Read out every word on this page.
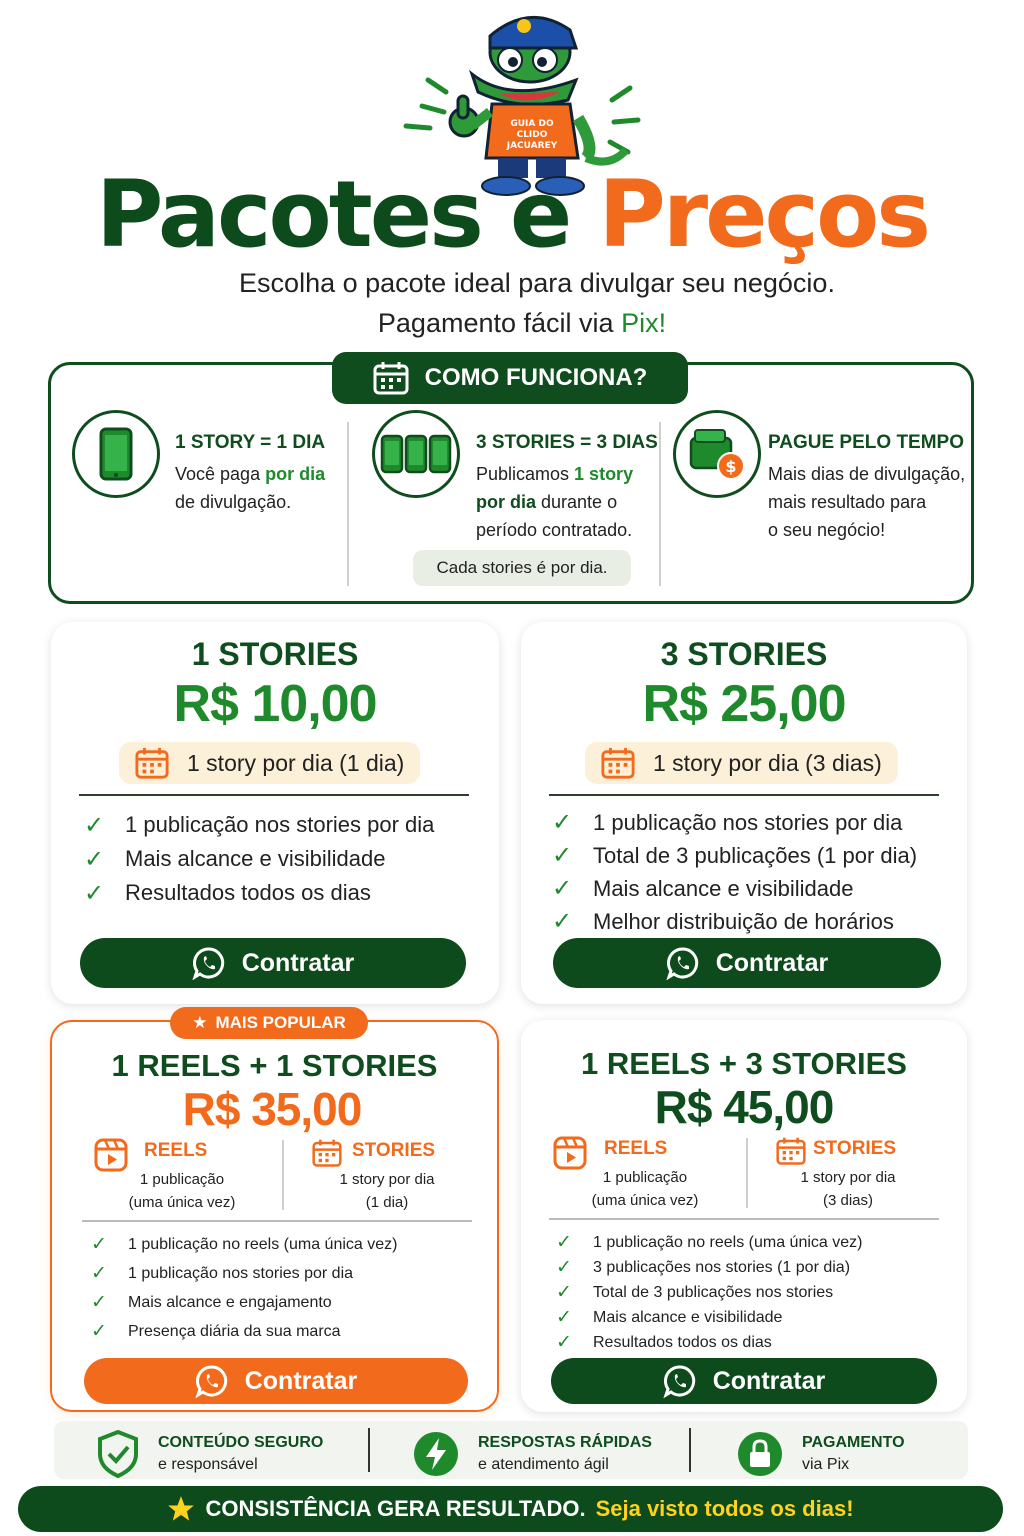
GUIA DO
CLIDO
JACUAREY
Pacotes e Preços
Escolha o pacote ideal para divulgar seu negócio.
Pagamento fácil via Pix!
COMO FUNCIONA?
1 STORY = 1 DIA
Você paga por dia
de divulgação.
3 STORIES = 3 DIAS
Publicamos 1 story
por dia durante o
período contratado.
Cada stories é por dia.
$
PAGUE PELO TEMPO
Mais dias de divulgação,
mais resultado para
o seu negócio!
1 STORIES
R$ 10,00
1 story por dia (1 dia)
✓ 1 publicação nos stories por dia
✓ Mais alcance e visibilidade
✓ Resultados todos os dias
Contratar
3 STORIES
R$ 25,00
1 story por dia (3 dias)
✓ 1 publicação nos stories por dia
✓ Total de 3 publicações (1 por dia)
✓ Mais alcance e visibilidade
✓ Melhor distribuição de horários
Contratar
1 REELS + 1 STORIES
R$ 35,00
REELS
1 publicação
(uma única vez)
STORIES
1 story por dia
(1 dia)
✓ 1 publicação no reels (uma única vez)
✓ 1 publicação nos stories por dia
✓ Mais alcance e engajamento
✓ Presença diária da sua marca
Contratar
★ MAIS POPULAR
1 REELS + 3 STORIES
R$ 45,00
REELS
1 publicação
(uma única vez)
STORIES
1 story por dia
(3 dias)
✓ 1 publicação no reels (uma única vez)
✓ 3 publicações nos stories (1 por dia)
✓ Total de 3 publicações nos stories
✓ Mais alcance e visibilidade
✓ Resultados todos os dias
Contratar
CONTEÚDO SEGURO
e responsável
RESPOSTAS RÁPIDAS
e atendimento ágil
PAGAMENTO
via Pix
CONSISTÊNCIA GERA RESULTADO. Seja visto todos os dias!
